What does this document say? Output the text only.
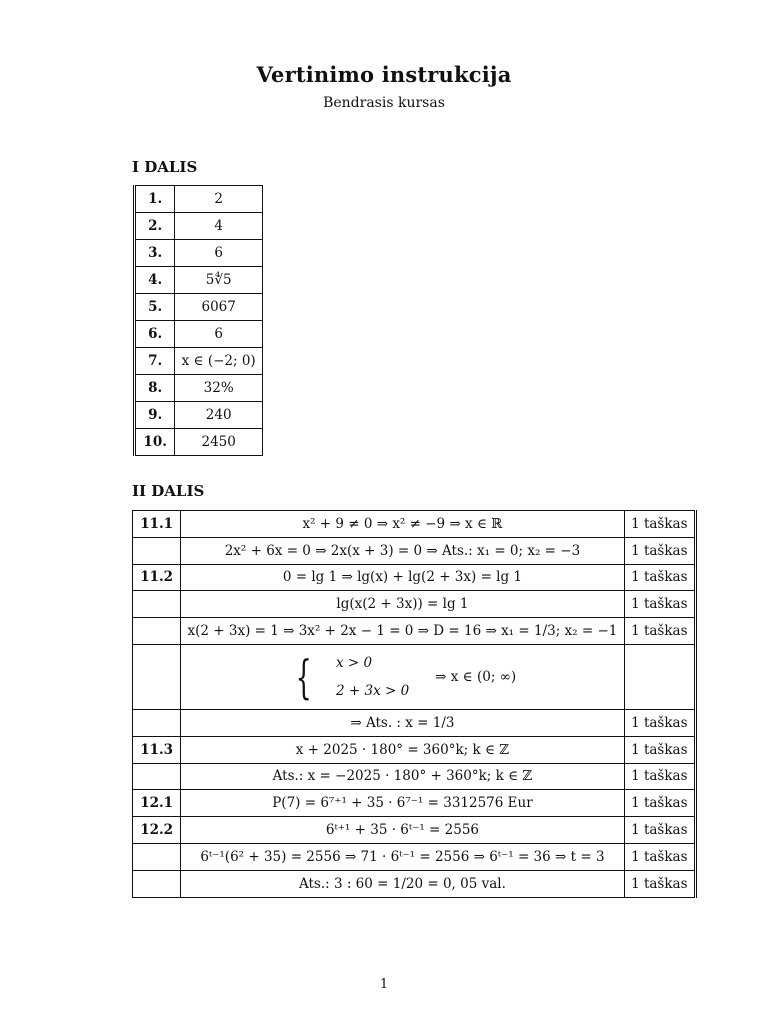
Vertinimo instrukcija
Bendrasis kursas
I DALIS
1.	2
2.	4
3.	6
4.	5∜5
5.	6067
6.	6
7.	x ∈ (−2; 0)
8.	32%
9.	240
10.	2450
II DALIS
11.1	x² + 9 ≠ 0 ⇒ x² ≠ −9 ⇒ x ∈ ℝ	1 taškas
	2x² + 6x = 0 ⇒ 2x(x + 3) = 0 ⇒ Ats.: x₁ = 0; x₂ = −3	1 taškas
11.2	0 = lg 1 ⇒ lg(x) + lg(2 + 3x) = lg 1	1 taškas
	lg(x(2 + 3x)) = lg 1	1 taškas
	x(2 + 3x) = 1 ⇒ 3x² + 2x − 1 = 0 ⇒ D = 16 ⇒ x₁ = 1/3; x₂ = −1	1 taškas

	{ x > 0
2 + 3x > 0
⇒ x ∈ (0; ∞)	

	⇒ Ats. : x = 1/3	1 taškas
11.3	x + 2025 · 180° = 360°k; k ∈ ℤ	1 taškas
	Ats.: x = −2025 · 180° + 360°k; k ∈ ℤ	1 taškas
12.1	P(7) = 6⁷⁺¹ + 35 · 6⁷⁻¹ = 3312576 Eur	1 taškas
12.2	6ᵗ⁺¹ + 35 · 6ᵗ⁻¹ = 2556	1 taškas
	6ᵗ⁻¹(6² + 35) = 2556 ⇒ 71 · 6ᵗ⁻¹ = 2556 ⇒ 6ᵗ⁻¹ = 36 ⇒ t = 3	1 taškas
	Ats.: 3 : 60 = 1/20 = 0, 05 val.	1 taškas
1
